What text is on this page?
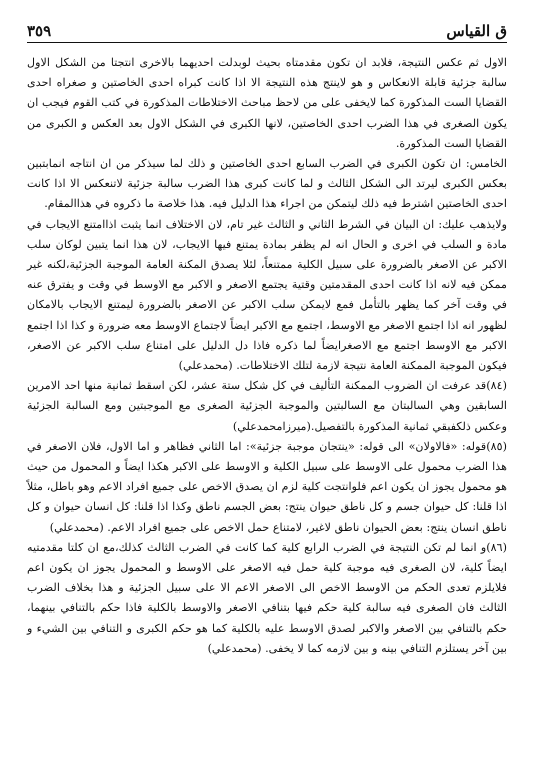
ق القياس
٣٥٩

الاول ثم عكس النتيجة، فلابد ان تكون مقدمتاه بحيث لوبدلت احديهما بالاخرى انتجتا من الشكل الاول سالبة جزئية قابلة الانعكاس و هو لاينتج هذه النتيجة الا اذا كانت كبراه احدى الخاصتين و صغراه احدى القضايا الست المذكورة كما لايخفى على من لاحظ مباحث الاختلاطات المذكورة في كتب القوم فيجب ان يكون الصغرى في هذا الضرب احدى الخاصتين، لانها الكبرى في الشكل الاول بعد العكس و الكبرى من القضايا الست المذكورة.

الخامس: ان تكون الكبرى في الضرب السابع احدى الخاصتين و ذلك لما سيذكر من ان انتاجه انمابتبين بعكس الكبرى ليرتد الى الشكل الثالث و لما كانت كبرى هذا الضرب سالبة جزئية لاتنعكس الا اذا كانت احدى الخاصتين اشترط فيه ذلك ليتمكن من اجراء هذا الدليل فيه. هذا خلاصة ما ذكروه في هذاالمقام.

ولايذهب عليك: ان البيان في الشرط الثاني و الثالث غير تام، لان الاختلاف انما يثبت اذاامتنع الايجاب في مادة و السلب في اخرى و الحال انه لم يظفر بمادة يمتنع فيها الايجاب، لان هذا انما يتبين لوكان سلب الاكبر عن الاصغر بالضرورة على سبيل الكلية ممتنعاً، لئلا يصدق المكنة العامة الموجبة الجزئية،لكنه غير ممكن فيه لانه اذا كانت احدى المقدمتين وقتية يجتمع الاصغر و الاكبر مع الاوسط في وقت و يفترق عنه في وقت آخر كما يظهر بالتأمل فمع لايمكن سلب الاكبر عن الاصغر بالضرورة ليمتنع الايجاب بالامكان لظهور انه اذا اجتمع الاصغر مع الاوسط، اجتمع مع الاكبر ايضاً لاجتماع الاوسط معه ضرورة و كذا اذا اجتمع الاكبر مع الاوسط اجتمع مع الاصغرايضاً لما ذكره فاذا دل الدليل على امتناع سلب الاكبر عن الاصغر، فيكون الموجبة الممكنة العامة نتيجة لازمة لتلك الاختلاطات. (محمدعلي)

(٨٤)قد عرفت ان الضروب الممكنة التأليف في كل شكل ستة عشر، لكن اسقط ثمانية منها احد الامرين السابقين وهي السالبتان مع السالبتين والموجبة الجزئية الصغرى مع الموجبتين ومع السالبة الجزئية وعكس ذلكفبقي ثمانية المذكورة بالتفصيل.(ميرزامحمدعلي)

(٨٥)قوله: «فالاولان» الى قوله: «ينتجان موجبة جزئية»: اما الثاني فظاهر و اما الاول، فلان الاصغر في هذا الضرب محمول على الاوسط على سبيل الكلية و الاوسط على الاكبر هكذا ايضاً و المحمول من حيث هو محمول يجوز ان يكون اعم فلوانتجت كلية لزم ان يصدق الاخص على جميع افراد الاعم وهو باطل، مثلاً اذا قلنا: كل حيوان جسم و كل ناطق حيوان ينتج: بعض الجسم ناطق وكذا اذا قلنا: كل انسان حيوان و كل ناطق انسان ينتج: بعض الحيوان ناطق لاغير، لامتناع حمل الاخص على جميع افراد الاعم. (محمدعلي)

(٨٦)و انما لم تكن النتيجة في الضرب الرابع كلية كما كانت في الضرب الثالث كذلك،مع ان كلتا مقدمتيه ايضاً كلية، لان الصغرى فيه موجبة كلية حمل فيه الاصغر على الاوسط و المحمول يجوز ان يكون اعم فلايلزم تعدى الحكم من الاوسط الاخص الى الاصغر الاعم الا على سبيل الجزئية و هذا بخلاف الضرب الثالث فان الصغرى فيه سالبة كلية حكم فيها بتنافي الاصغر والاوسط بالكلية فاذا حكم بالتنافي بينهما، حكم بالتنافي بين الاصغر والاكبر لصدق الاوسط عليه بالكلية كما هو حكم الكبرى و التنافي بين الشيء و بين آخر يستلزم التنافي بينه و بين لازمه كما لا يخفى. (محمدعلي)
